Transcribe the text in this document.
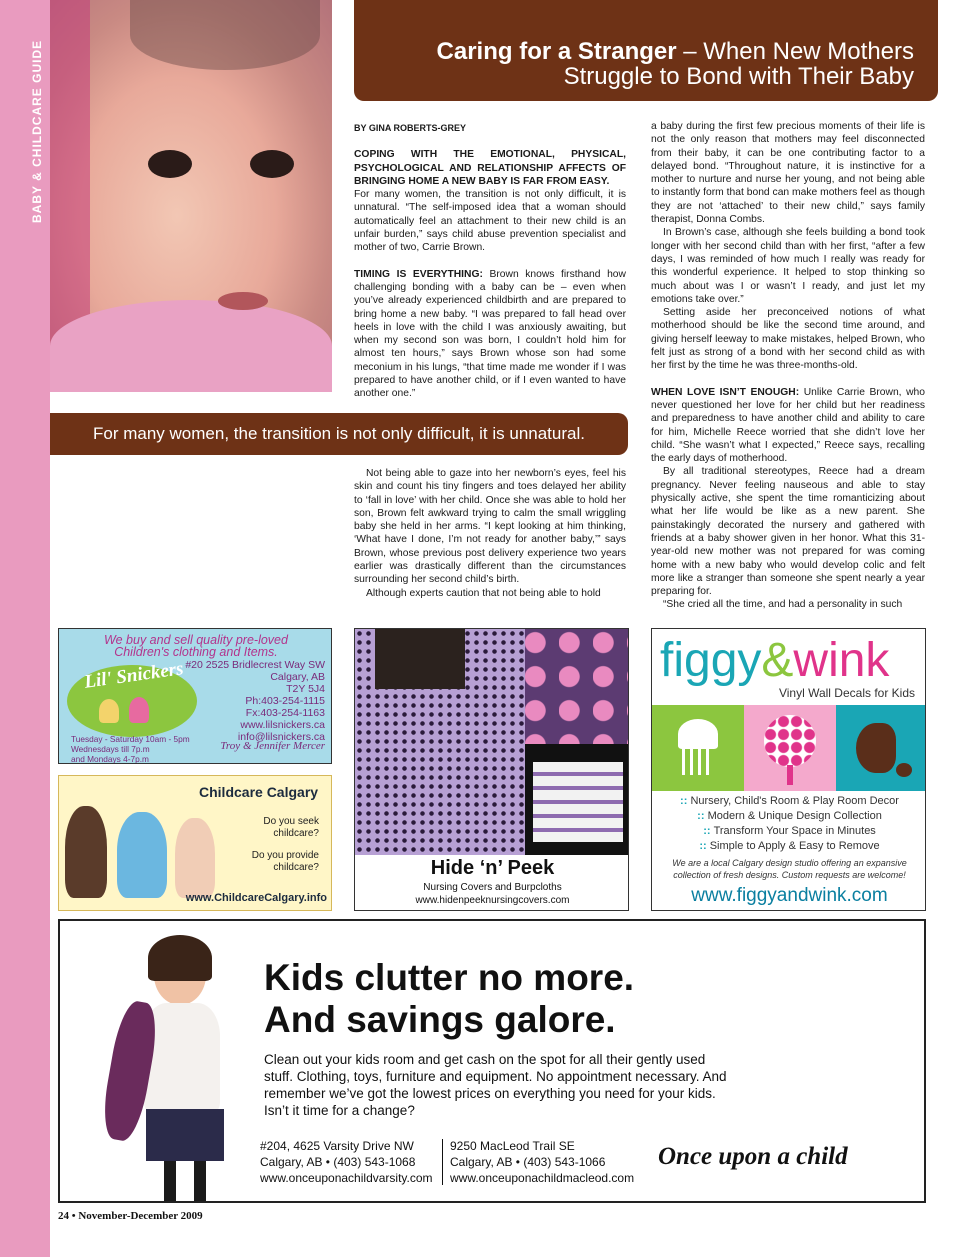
BABY & CHILDCARE GUIDE	Caring for a Stranger – When New Mothers
Struggle to Bond with Their Baby

BY GINA ROBERTS-GREY

COPING WITH THE EMOTIONAL, PHYSICAL, PSYCHOLOGICAL AND RELATIONSHIP AFFECTS OF BRINGING HOME A NEW BABY IS FAR FROM EASY.

For many women, the transition is not only difficult, it is unnatural. “The self-imposed idea that a woman should automatically feel an attachment to their new child is an unfair burden,” says child abuse prevention specialist and mother of two, Carrie Brown.

TIMING IS EVERYTHING: Brown knows firsthand how challenging bonding with a baby can be – even when you’ve already experienced childbirth and are prepared to bring home a new baby. “I was prepared to fall head over heels in love with the child I was anxiously awaiting, but when my second son was born, I couldn’t hold him for almost ten hours,” says Brown whose son had some meconium in his lungs, “that time made me wonder if I was prepared to have another child, or if I even wanted to have another one.”

For many women, the transition is not only difficult, it is unnatural.

Not being able to gaze into her newborn’s eyes, feel his skin and count his tiny fingers and toes delayed her ability to ‘fall in love’ with her child. Once she was able to hold her son, Brown felt awkward trying to calm the small wriggling baby she held in her arms. “I kept looking at him thinking, ‘What have I done, I’m not ready for another baby,’” says Brown, whose previous post delivery experience two years earlier was drastically different than the circumstances surrounding her second child’s birth.

Although experts caution that not being able to hold

a baby during the first few precious moments of their life is not the only reason that mothers may feel disconnected from their baby, it can be one contributing factor to a delayed bond. “Throughout nature, it is instinctive for a mother to nurture and nurse her young, and not being able to instantly form that bond can make mothers feel as though they are not ‘attached’ to their new child,” says family therapist, Donna Combs.

In Brown’s case, although she feels building a bond took longer with her second child than with her first, “after a few days, I was reminded of how much I really was ready for this wonderful experience. It helped to stop thinking so much about was I or wasn’t I ready, and just let my emotions take over.”

Setting aside her preconceived notions of what motherhood should be like the second time around, and giving herself leeway to make mistakes, helped Brown, who felt just as strong of a bond with her second child as with her first by the time he was three-months-old.

WHEN LOVE ISN’T ENOUGH: Unlike Carrie Brown, who never questioned her love for her child but her readiness and preparedness to have another child and ability to care for him, Michelle Reece worried that she didn’t love her child. “She wasn’t what I expected,” Reece says, recalling the early days of motherhood.

By all traditional stereotypes, Reece had a dream pregnancy. Never feeling nauseous and able to stay physically active, she spent the time romanticizing about what her life would be like as a new parent. She painstakingly decorated the nursery and gathered with friends at a baby shower given in her honor. What this 31-year-old new mother was not prepared for was coming home with a new baby who would develop colic and felt more like a stranger than someone she spent nearly a year preparing for.

“She cried all the time, and had a personality in such

We buy and sell quality pre-loved
Children's clothing and Items.
Lil' Snickers #20 2525 Bridlecrest Way SW
Calgary, AB
T2Y 5J4
Ph:403-254-1115
Fx:403-254-1163
www.lilsnickers.ca
info@lilsnickers.ca
Tuesday - Saturday 10am - 5pm
Wednesdays till 7p.m
and Mondays 4-7p.m
Troy & Jennifer Mercer
Childcare Calgary
Do you seek childcare?
Do you provide childcare?
www.ChildcareCalgary.info
Hide ‘n’ Peek
Nursing Covers and Burpcloths
www.hidenpeeknursingcovers.com
figgy&wink
Vinyl Wall Decals for Kids
:: Nursery, Child's Room & Play Room Decor
:: Modern & Unique Design Collection
:: Transform Your Space in Minutes
:: Simple to Apply & Easy to Remove
We are a local Calgary design studio offering an expansive collection of fresh designs. Custom requests are welcome!
www.figgyandwink.com
Kids clutter no more.
And savings galore.
Clean out your kids room and get cash on the spot for all their gently used stuff. Clothing, toys, furniture and equipment. No appointment necessary. And remember we’ve got the lowest prices on everything you need for your kids. Isn’t it time for a change?
#204, 4625 Varsity Drive NW
Calgary, AB • (403) 543-1068
www.onceuponachildvarsity.com
9250 MacLeod Trail SE
Calgary, AB • (403) 543-1066
www.onceuponachildmacleod.com
Once upon a child
24 • November-December 2009
